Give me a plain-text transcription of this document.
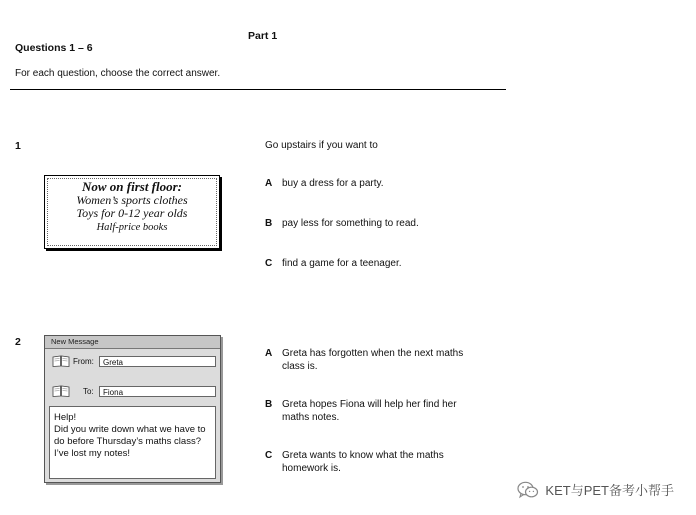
Part 1
Questions 1 – 6
For each question, choose the correct answer.
1
Now on first floor:
Women’s sports clothes
Toys for 0-12 year olds
Half-price books
Go upstairs if you want to
A buy a dress for a party.
B pay less for something to read.
C find a game for a teenager.
2	New Message
From:	Greta
To:	Fiona
Help!
Did you write down what we have to
do before Thursday’s maths class?
I’ve lost my notes!
A Greta has forgotten when the next maths
class is.
B Greta hopes Fiona will help her find her
maths notes.
C Greta wants to know what the maths
homework is.
KET与PET备考小帮手
